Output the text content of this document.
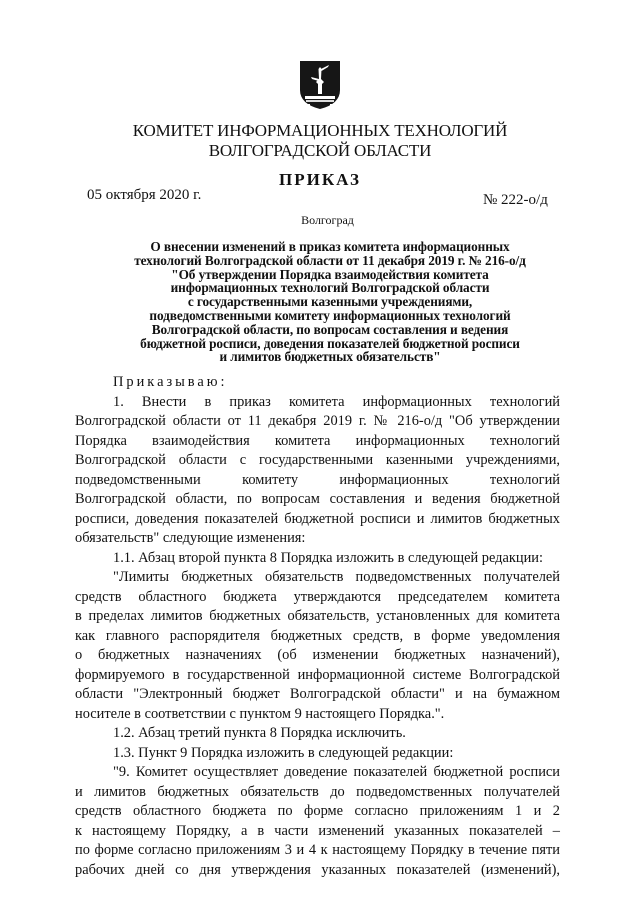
КОМИТЕТ ИНФОРМАЦИОННЫХ ТЕХНОЛОГИЙ
ВОЛГОГРАДСКОЙ ОБЛАСТИ
ПРИКАЗ
05 октября 2020 г.	№ 222-о/д
Волгоград
О внесении изменений в приказ комитета информационных
технологий Волгоградской области от 11 декабря 2019 г. № 216-о/д
"Об утверждении Порядка взаимодействия комитета
информационных технологий Волгоградской области
с государственными казенными учреждениями,
подведомственными комитету информационных технологий
Волгоградской области, по вопросам составления и ведения
бюджетной росписи, доведения показателей бюджетной росписи
и лимитов бюджетных обязательств"
Приказываю:
1. Внести в приказ комитета информационных технологий
Волгоградской области от 11 декабря 2019 г. № 216-о/д "Об утверждении
Порядка взаимодействия комитета информационных технологий
Волгоградской области с государственными казенными учреждениями,
подведомственными комитету информационных технологий
Волгоградской области, по вопросам составления и ведения бюджетной
росписи, доведения показателей бюджетной росписи и лимитов бюджетных
обязательств" следующие изменения:
1.1. Абзац второй пункта 8 Порядка изложить в следующей редакции:
"Лимиты бюджетных обязательств подведомственных получателей
средств областного бюджета утверждаются председателем комитета
в пределах лимитов бюджетных обязательств, установленных для комитета
как главного распорядителя бюджетных средств, в форме уведомления
о бюджетных назначениях (об изменении бюджетных назначений),
формируемого в государственной информационной системе Волгоградской
области "Электронный бюджет Волгоградской области" и на бумажном
носителе в соответствии с пунктом 9 настоящего Порядка.".
1.2. Абзац третий пункта 8 Порядка исключить.
1.3. Пункт 9 Порядка изложить в следующей редакции:
"9. Комитет осуществляет доведение показателей бюджетной росписи
и лимитов бюджетных обязательств до подведомственных получателей
средств областного бюджета по форме согласно приложениям 1 и 2
к настоящему Порядку, а в части изменений указанных показателей –
по форме согласно приложениям 3 и 4 к настоящему Порядку в течение пяти
рабочих дней со дня утверждения указанных показателей (изменений),
